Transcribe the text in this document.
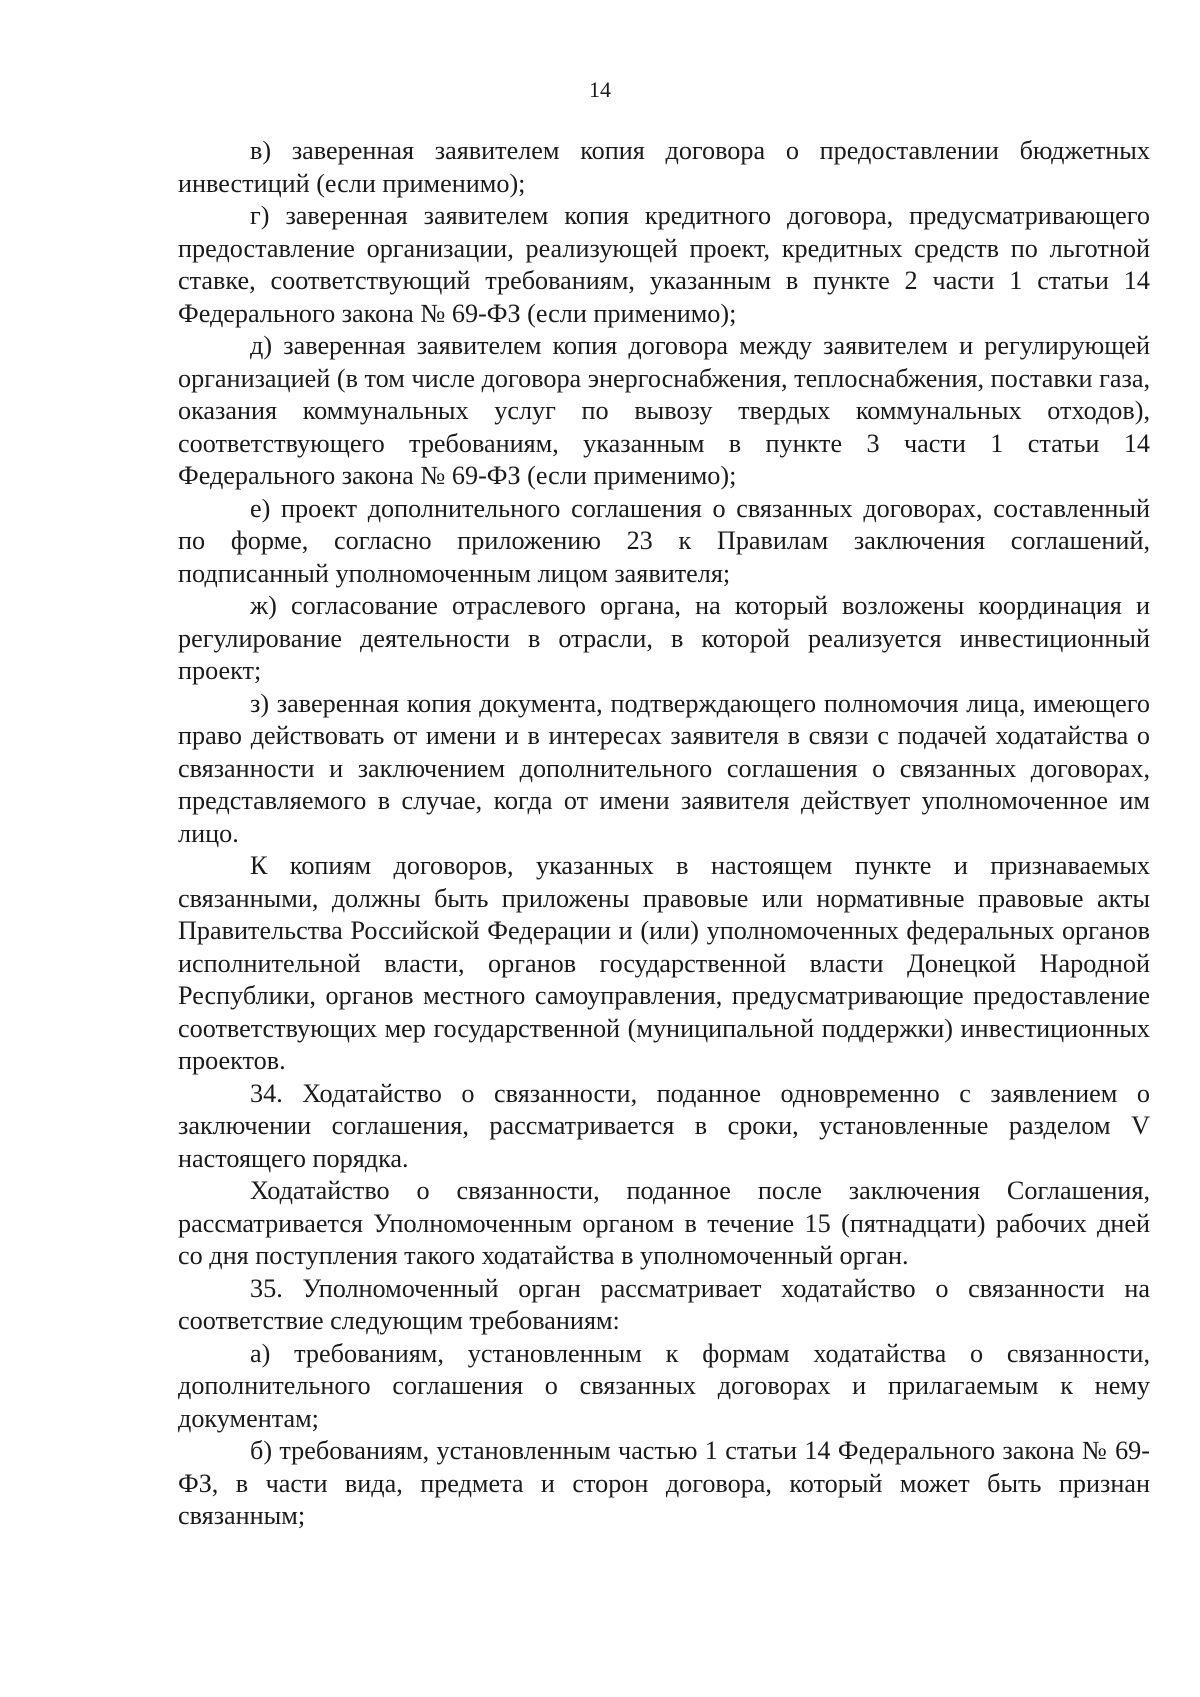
14

в) заверенная заявителем копия договора о предоставлении бюджетных инвестиций (если применимо);

г) заверенная заявителем копия кредитного договора, предусматривающего предоставление организации, реализующей проект, кредитных средств по льготной ставке, соответствующий требованиям, указанным в пункте 2 части 1 статьи 14 Федерального закона № 69-ФЗ (если применимо);

д) заверенная заявителем копия договора между заявителем и регулирующей организацией (в том числе договора энергоснабжения, теплоснабжения, поставки газа, оказания коммунальных услуг по вывозу твердых коммунальных отходов), соответствующего требованиям, указанным в пункте 3 части 1 статьи 14 Федерального закона № 69-ФЗ (если применимо);

е) проект дополнительного соглашения о связанных договорах, составленный по форме, согласно приложению 23 к Правилам заключения соглашений, подписанный уполномоченным лицом заявителя;

ж) согласование отраслевого органа, на который возложены координация и регулирование деятельности в отрасли, в которой реализуется инвестиционный проект;

з) заверенная копия документа, подтверждающего полномочия лица, имеющего право действовать от имени и в интересах заявителя в связи с подачей ходатайства о связанности и заключением дополнительного соглашения о связанных договорах, представляемого в случае, когда от имени заявителя действует уполномоченное им лицо.

К копиям договоров, указанных в настоящем пункте и признаваемых связанными, должны быть приложены правовые или нормативные правовые акты Правительства Российской Федерации и (или) уполномоченных федеральных органов исполнительной власти, органов государственной власти Донецкой Народной Республики, органов местного самоуправления, предусматривающие предоставление соответствующих мер государственной (муниципальной поддержки) инвестиционных проектов.

34. Ходатайство о связанности, поданное одновременно с заявлением о заключении соглашения, рассматривается в сроки, установленные разделом V настоящего порядка.

Ходатайство о связанности, поданное после заключения Соглашения, рассматривается Уполномоченным органом в течение 15 (пятнадцати) рабочих дней со дня поступления такого ходатайства в уполномоченный орган.

35. Уполномоченный орган рассматривает ходатайство о связанности на соответствие следующим требованиям:

а) требованиям, установленным к формам ходатайства о связанности, дополнительного соглашения о связанных договорах и прилагаемым к нему документам;

б) требованиям, установленным частью 1 статьи 14 Федерального закона № 69-ФЗ, в части вида, предмета и сторон договора, который может быть признан связанным;
